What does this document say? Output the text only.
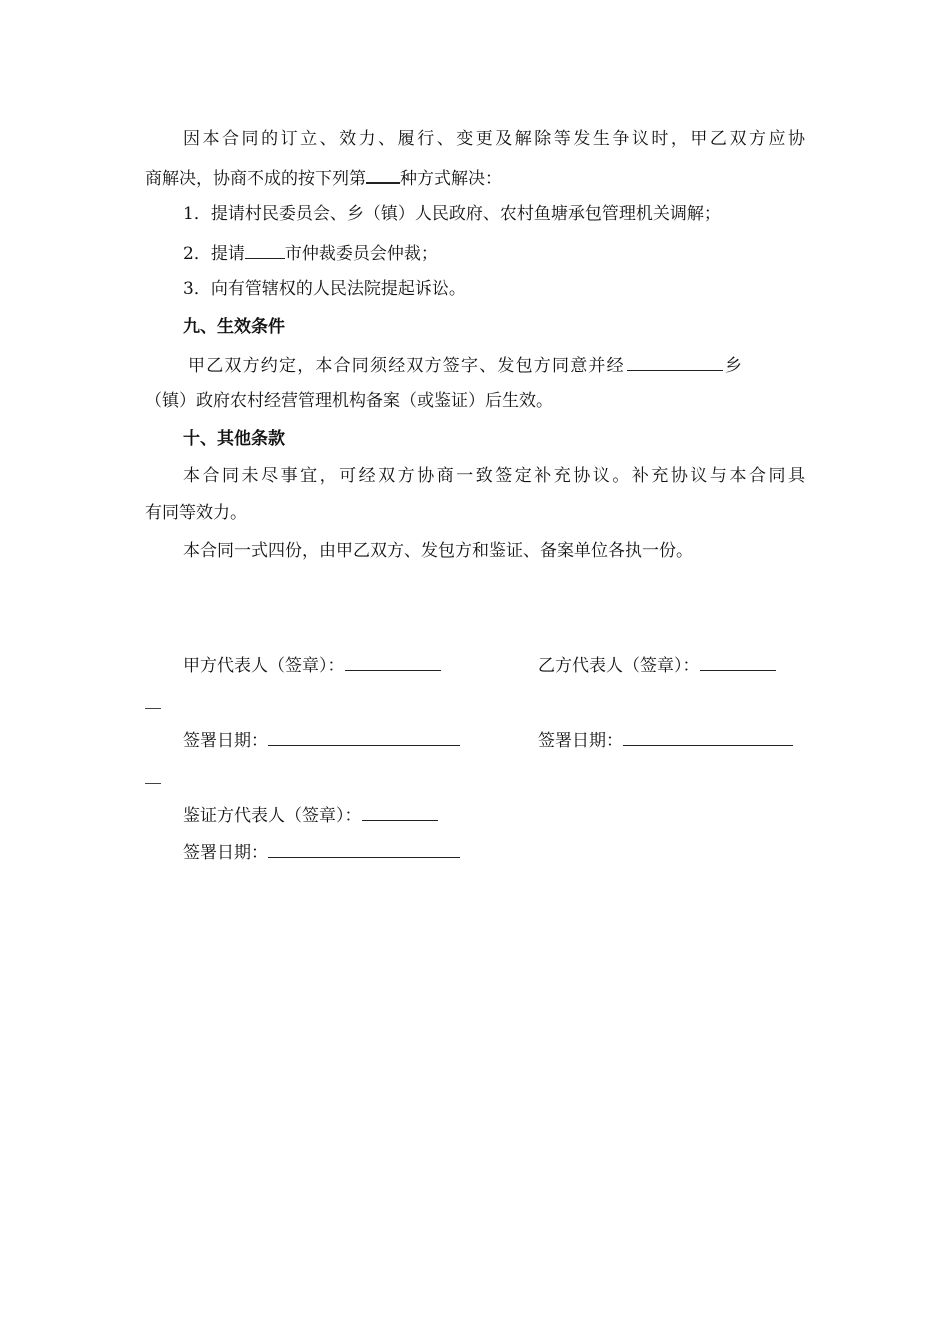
因本合同的订立、效力、履行、变更及解除等发生争议时，甲乙双方应协
商解决，协商不成的按下列第 种方式解决：
1．提请村民委员会、乡（镇）人民政府、农村鱼塘承包管理机关调解；
2．提请 市仲裁委员会仲裁；
3．向有管辖权的人民法院提起诉讼。
九、生效条件
甲乙双方约定，本合同须经双方签字、发包方同意并经	乡
（镇）政府农村经营管理机构备案（或鉴证）后生效。
十、其他条款
本合同未尽事宜，可经双方协商一致签定补充协议。补充协议与本合同具
有同等效力。
本合同一式四份，由甲乙双方、发包方和鉴证、备案单位各执一份。
甲方代表人（签章）：	乙方代表人（签章）：
签署日期：	签署日期：
鉴证方代表人（签章）：
签署日期：
